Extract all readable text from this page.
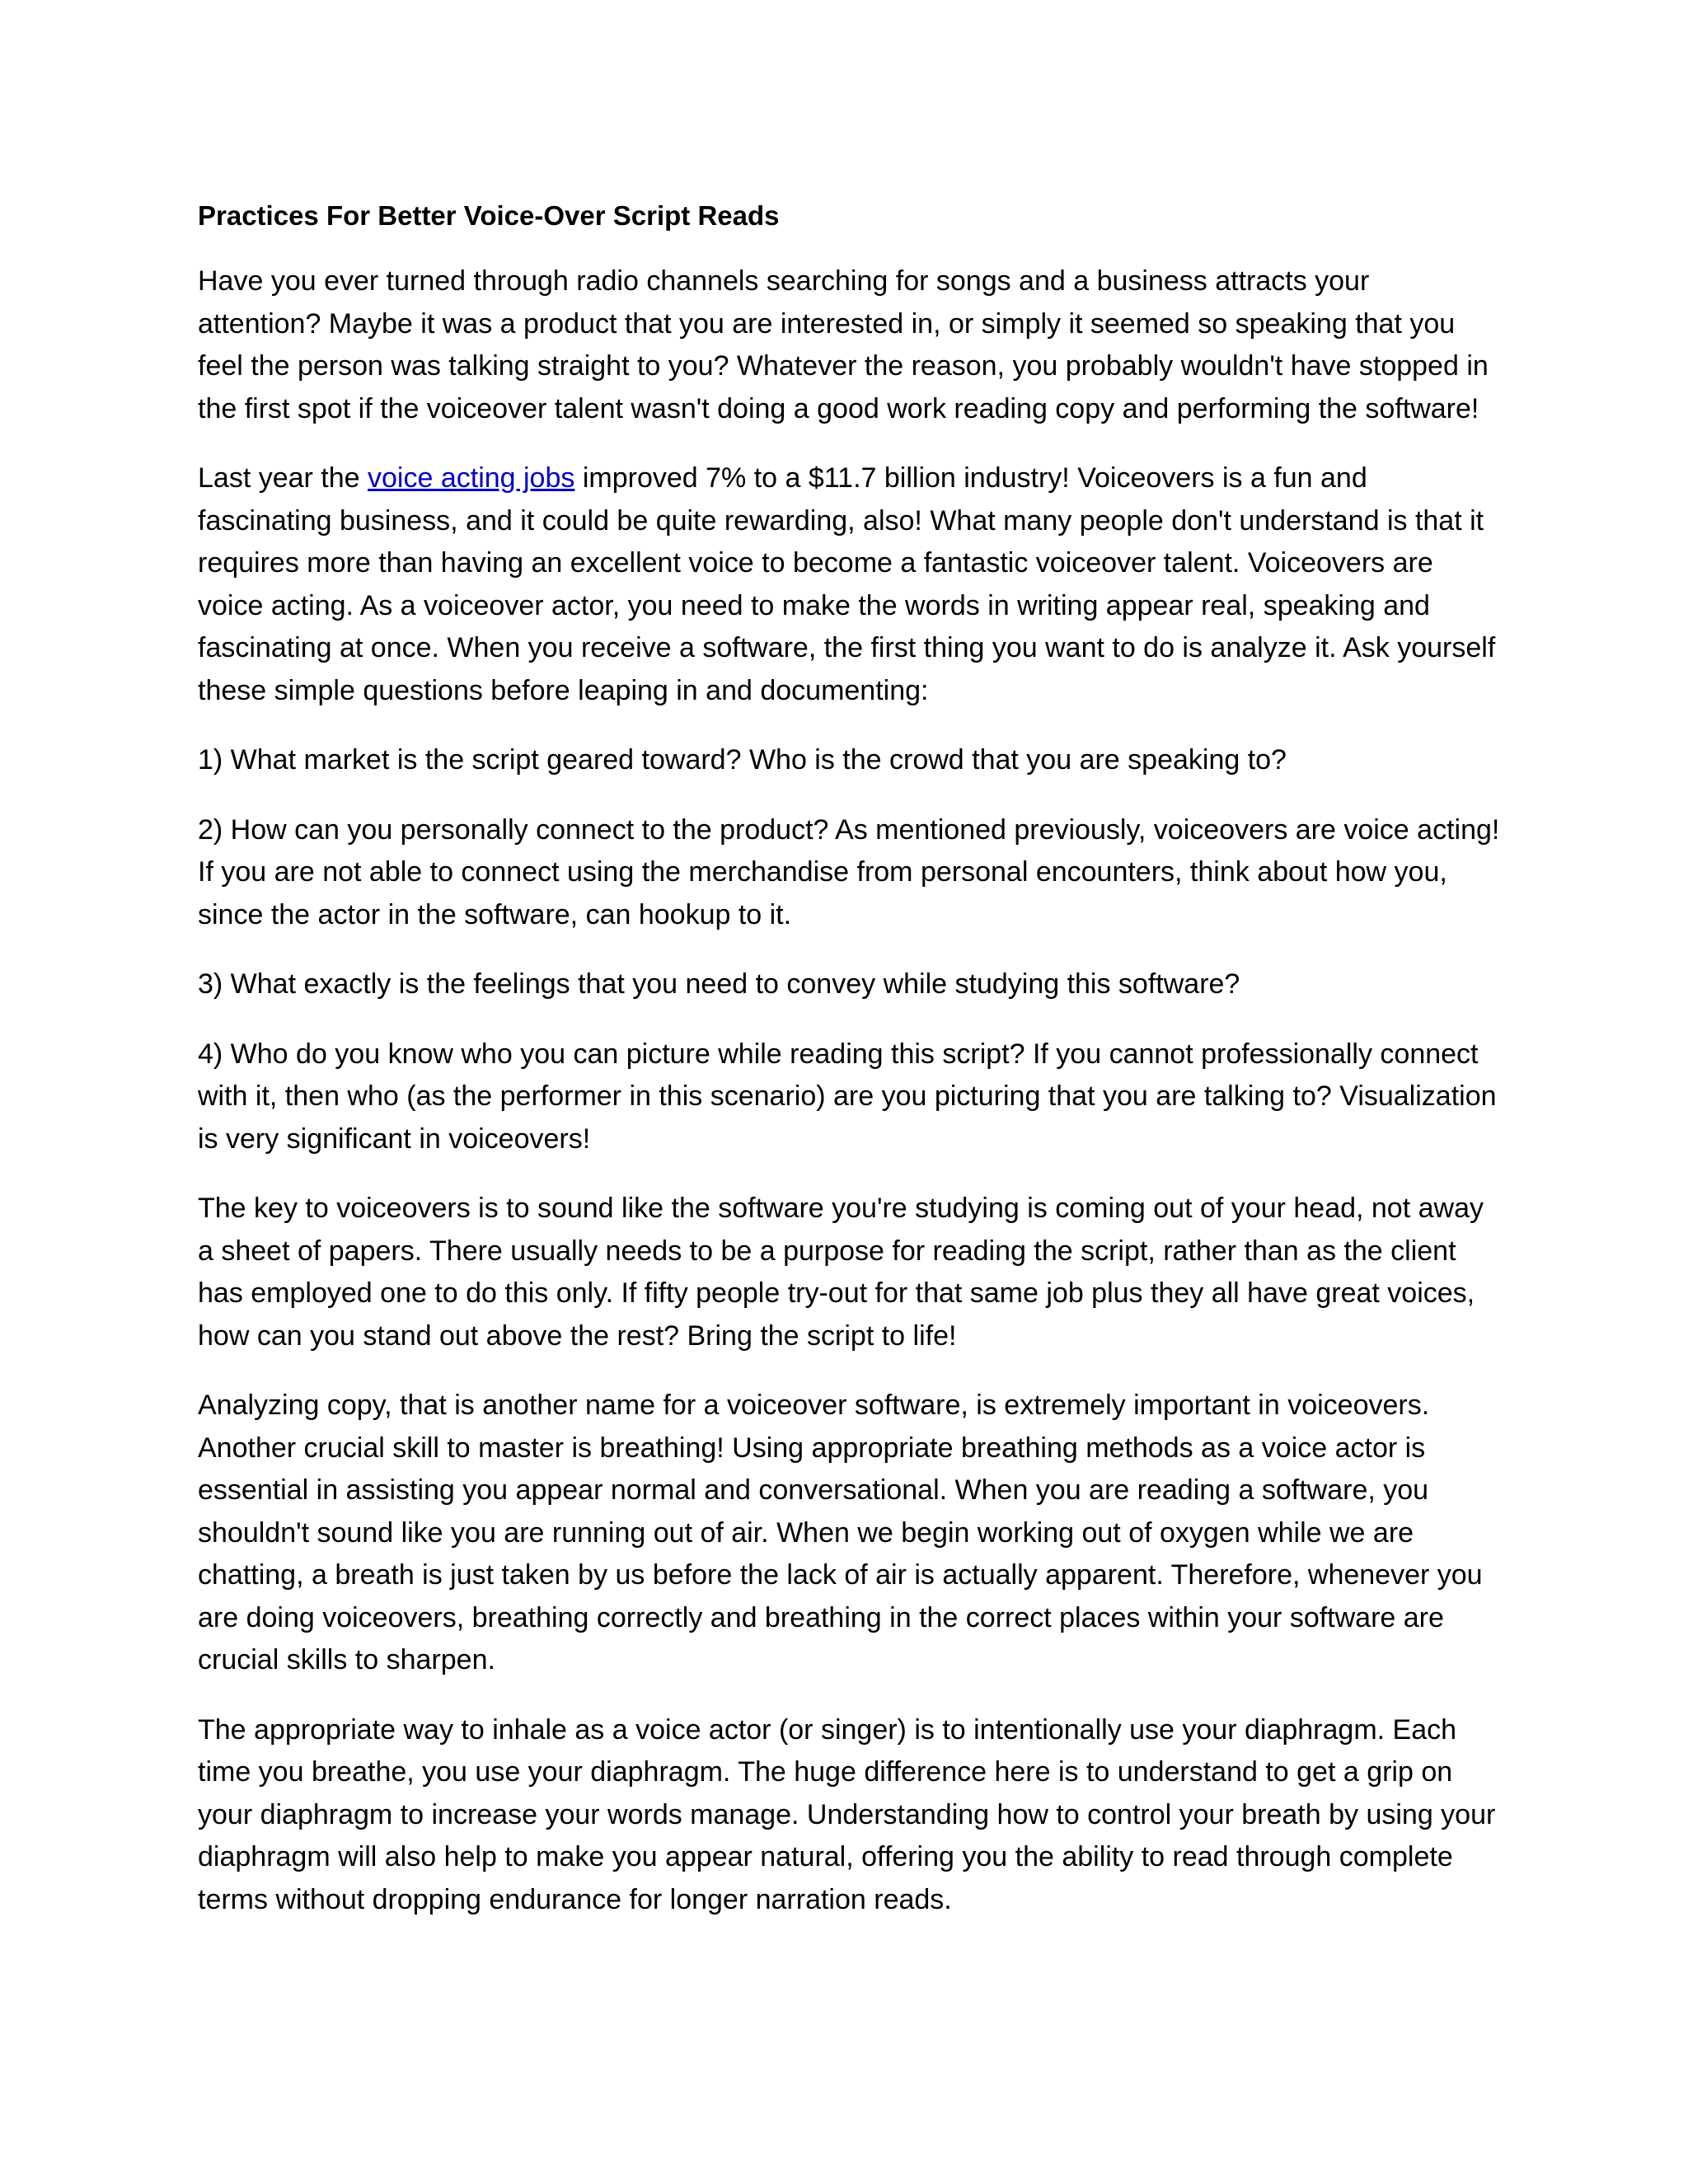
Practices For Better Voice-Over Script Reads

Have you ever turned through radio channels searching for songs and a business attracts your attention? Maybe it was a product that you are interested in, or simply it seemed so speaking that you feel the person was talking straight to you? Whatever the reason, you probably wouldn't have stopped in the first spot if the voiceover talent wasn't doing a good work reading copy and performing the software!

Last year the voice acting jobs improved 7% to a $11.7 billion industry! Voiceovers is a fun and fascinating business, and it could be quite rewarding, also! What many people don't understand is that it requires more than having an excellent voice to become a fantastic voiceover talent. Voiceovers are voice acting. As a voiceover actor, you need to make the words in writing appear real, speaking and fascinating at once. When you receive a software, the first thing you want to do is analyze it. Ask yourself these simple questions before leaping in and documenting:

1) What market is the script geared toward? Who is the crowd that you are speaking to?

2) How can you personally connect to the product? As mentioned previously, voiceovers are voice acting! If you are not able to connect using the merchandise from personal encounters, think about how you, since the actor in the software, can hookup to it.

3) What exactly is the feelings that you need to convey while studying this software?

4) Who do you know who you can picture while reading this script? If you cannot professionally connect with it, then who (as the performer in this scenario) are you picturing that you are talking to? Visualization is very significant in voiceovers!

The key to voiceovers is to sound like the software you're studying is coming out of your head, not away a sheet of papers. There usually needs to be a purpose for reading the script, rather than as the client has employed one to do this only. If fifty people try-out for that same job plus they all have great voices, how can you stand out above the rest? Bring the script to life!

Analyzing copy, that is another name for a voiceover software, is extremely important in voiceovers. Another crucial skill to master is breathing! Using appropriate breathing methods as a voice actor is essential in assisting you appear normal and conversational. When you are reading a software, you shouldn't sound like you are running out of air. When we begin working out of oxygen while we are chatting, a breath is just taken by us before the lack of air is actually apparent. Therefore, whenever you are doing voiceovers, breathing correctly and breathing in the correct places within your software are crucial skills to sharpen.

The appropriate way to inhale as a voice actor (or singer) is to intentionally use your diaphragm. Each time you breathe, you use your diaphragm. The huge difference here is to understand to get a grip on your diaphragm to increase your words manage. Understanding how to control your breath by using your diaphragm will also help to make you appear natural, offering you the ability to read through complete terms without dropping endurance for longer narration reads.
